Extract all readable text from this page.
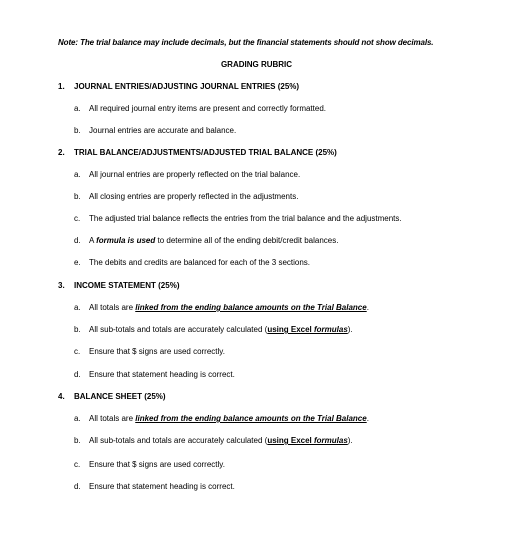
Note: The trial balance may include decimals, but the financial statements should not show decimals.
GRADING RUBRIC
1. JOURNAL ENTRIES/ADJUSTING JOURNAL ENTRIES (25%)
a. All required journal entry items are present and correctly formatted.
b. Journal entries are accurate and balance.
2. TRIAL BALANCE/ADJUSTMENTS/ADJUSTED TRIAL BALANCE (25%)
a. All journal entries are properly reflected on the trial balance.
b. All closing entries are properly reflected in the adjustments.
c. The adjusted trial balance reflects the entries from the trial balance and the adjustments.
d. A formula is used to determine all of the ending debit/credit balances.
e. The debits and credits are balanced for each of the 3 sections.
3. INCOME STATEMENT (25%)
a. All totals are linked from the ending balance amounts on the Trial Balance.
b. All sub-totals and totals are accurately calculated (using Excel formulas).
c. Ensure that $ signs are used correctly.
d. Ensure that statement heading is correct.
4. BALANCE SHEET (25%)
a. All totals are linked from the ending balance amounts on the Trial Balance.
b. All sub-totals and totals are accurately calculated (using Excel formulas).
c. Ensure that $ signs are used correctly.
d. Ensure that statement heading is correct.
